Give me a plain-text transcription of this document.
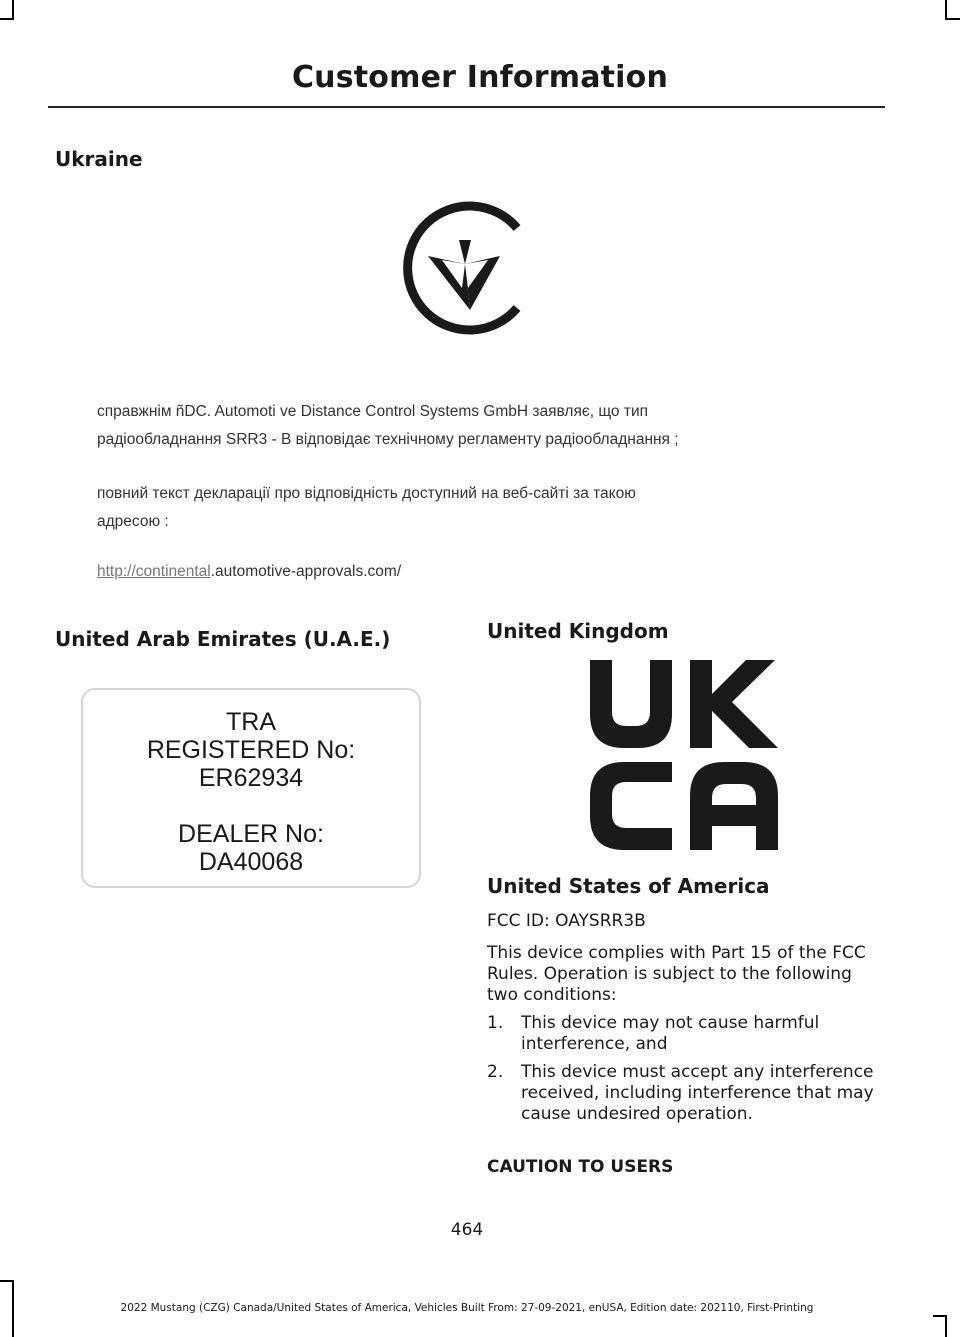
Customer Information
Ukraine
справжнім ñDC. Automoti ve Distance Control Systems GmbH заявляє, що тип
радіообладнання SRR3 - В відповідає технічному регламенту радіообладнання ;
повний текст декларації про відповідність доступний на веб-сайті за такою
адресою :
http://continental.automotive-approvals.com/
United Arab Emirates (U.A.E.)
TRA
REGISTERED No:
ER62934
DEALER No:
DA40068
United Kingdom
United States of America
FCC ID: OAYSRR3B
This device complies with Part 15 of the FCC Rules. Operation is subject to the following two conditions:
1. This device may not cause harmful interference, and
2. This device must accept any interference received, including interference that may cause undesired operation.
CAUTION TO USERS
464
2022 Mustang (CZG) Canada/United States of America, Vehicles Built From: 27-09-2021, enUSA, Edition date: 202110, First-Printing
